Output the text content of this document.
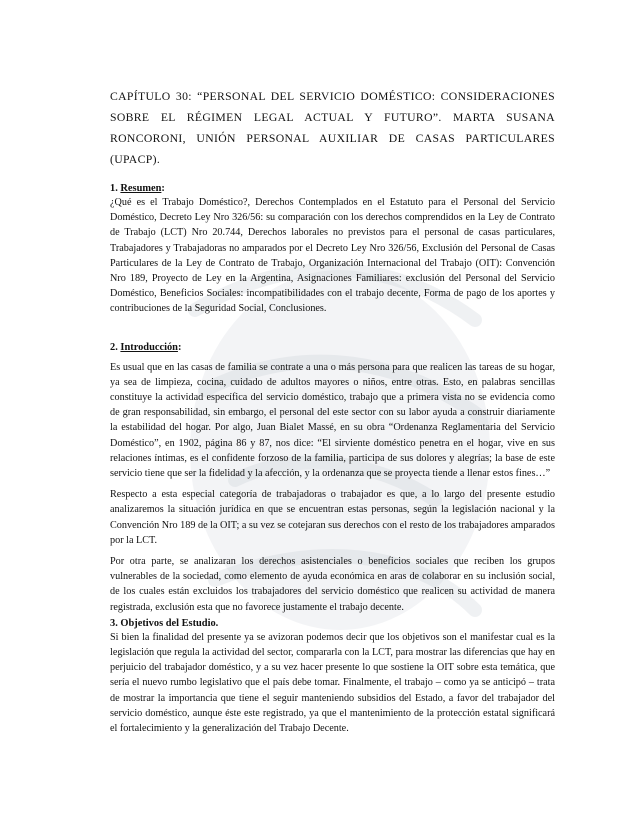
CAPÍTULO 30: “PERSONAL DEL SERVICIO DOMÉSTICO: CONSIDERACIONES SOBRE EL RÉGIMEN LEGAL ACTUAL Y FUTURO”. MARTA SUSANA RONCORONI, UNIÓN PERSONAL AUXILIAR DE CASAS PARTICULARES (UPACP).
1. Resumen:

¿Qué es el Trabajo Doméstico?, Derechos Contemplados en el Estatuto para el Personal del Servicio Doméstico, Decreto Ley Nro 326/56: su comparación con los derechos comprendidos en la Ley de Contrato de Trabajo (LCT) Nro 20.744, Derechos laborales no previstos para el personal de casas particulares, Trabajadores y Trabajadoras no amparados por el Decreto Ley Nro 326/56, Exclusión del Personal de Casas Particulares de la Ley de Contrato de Trabajo, Organización Internacional del Trabajo (OIT): Convención Nro 189, Proyecto de Ley en la Argentina, Asignaciones Familiares: exclusión del Personal del Servicio Doméstico, Beneficios Sociales: incompatibilidades con el trabajo decente, Forma de pago de los aportes y contribuciones de la Seguridad Social, Conclusiones.

2. Introducción:

Es usual que en las casas de familia se contrate a una o más persona para que realicen las tareas de su hogar, ya sea de limpieza, cocina, cuidado de adultos mayores o niños, entre otras. Esto, en palabras sencillas constituye la actividad específica del servicio doméstico, trabajo que a primera vista no se evidencia como de gran responsabilidad, sin embargo, el personal del este sector con su labor ayuda a construir diariamente la estabilidad del hogar. Por algo, Juan Bialet Massé, en su obra “Ordenanza Reglamentaria del Servicio Doméstico”, en 1902, página 86 y 87, nos dice: “El sirviente doméstico penetra en el hogar, vive en sus relaciones íntimas, es el confidente forzoso de la familia, participa de sus dolores y alegrías; la base de este servicio tiene que ser la fidelidad y la afección, y la ordenanza que se proyecta tiende a llenar estos fines…”

Respecto a esta especial categoría de trabajadoras o trabajador es que, a lo largo del presente estudio analizaremos la situación jurídica en que se encuentran estas personas, según la legislación nacional y la Convención Nro 189 de la OIT; a su vez se cotejaran sus derechos con el resto de los trabajadores amparados por la LCT.

Por otra parte, se analizaran los derechos asistenciales o beneficios sociales que reciben los grupos vulnerables de la sociedad, como elemento de ayuda económica en aras de colaborar en su inclusión social, de los cuales están excluidos los trabajadores del servicio doméstico que realicen su actividad de manera registrada, exclusión esta que no favorece justamente el trabajo decente.

3. Objetivos del Estudio.

Si bien la finalidad del presente ya se avizoran podemos decir que los objetivos son el manifestar cual es la legislación que regula la actividad del sector, compararla con la LCT, para mostrar las diferencias que hay en perjuicio del trabajador doméstico, y a su vez hacer presente lo que sostiene la OIT sobre esta temática, que sería el nuevo rumbo legislativo que el país debe tomar. Finalmente, el trabajo – como ya se anticipó – trata de mostrar la importancia que tiene el seguir manteniendo subsidios del Estado, a favor del trabajador del servicio doméstico, aunque éste este registrado, ya que el mantenimiento de la protección estatal significará el fortalecimiento y la generalización del Trabajo Decente.
